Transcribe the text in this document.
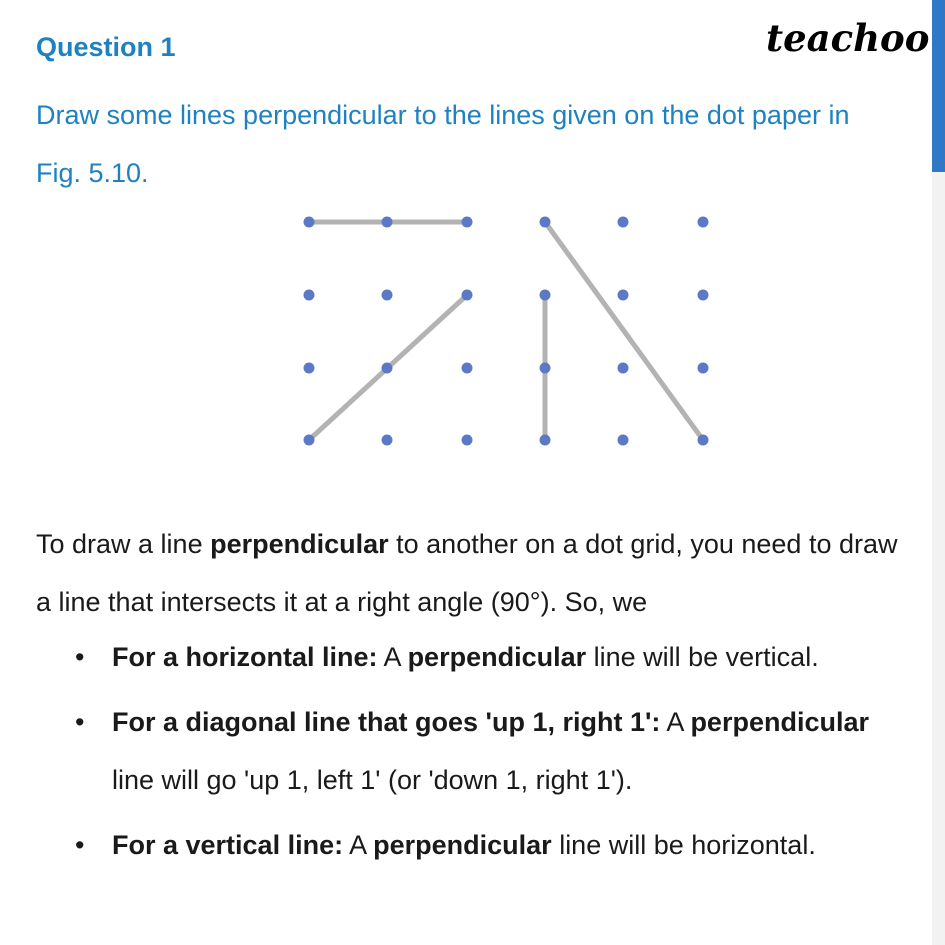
Question 1	teachoo
Draw some lines perpendicular to the lines given on the dot paper in Fig. 5.10.
To draw a line perpendicular to another on a dot grid, you need to draw a line that intersects it at a right angle (90°). So, we
• For a horizontal line: A perpendicular line will be vertical.
• For a diagonal line that goes 'up 1, right 1': A perpendicular line will go 'up 1, left 1' (or 'down 1, right 1').
• For a vertical line: A perpendicular line will be horizontal.
